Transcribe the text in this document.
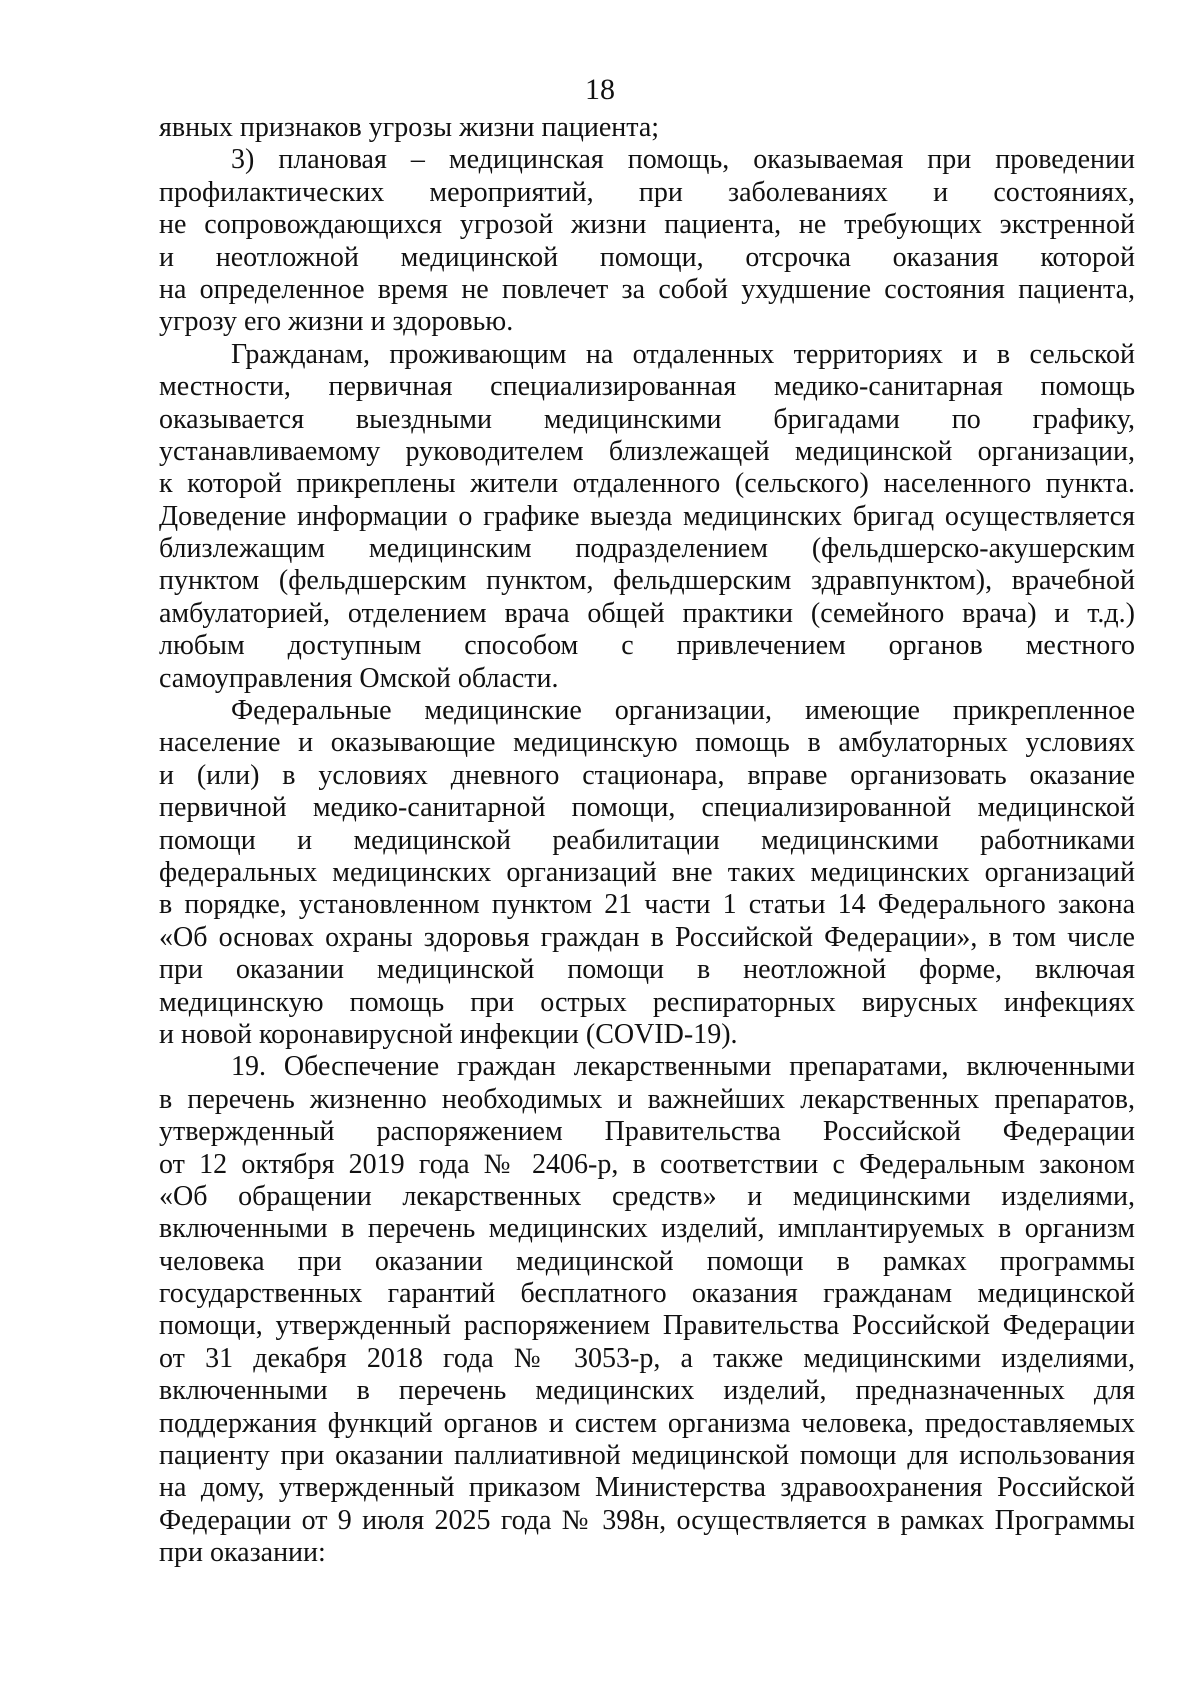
18
явных признаков угрозы жизни пациента;
3) плановая – медицинская помощь, оказываемая при проведении
профилактических мероприятий, при заболеваниях и состояниях,
не сопровождающихся угрозой жизни пациента, не требующих экстренной
и неотложной медицинской помощи, отсрочка оказания которой
на определенное время не повлечет за собой ухудшение состояния пациента,
угрозу его жизни и здоровью.
Гражданам, проживающим на отдаленных территориях и в сельской
местности, первичная специализированная медико-санитарная помощь
оказывается выездными медицинскими бригадами по графику,
устанавливаемому руководителем близлежащей медицинской организации,
к которой прикреплены жители отдаленного (сельского) населенного пункта.
Доведение информации о графике выезда медицинских бригад осуществляется
близлежащим медицинским подразделением (фельдшерско-акушерским
пунктом (фельдшерским пунктом, фельдшерским здравпунктом), врачебной
амбулаторией, отделением врача общей практики (семейного врача) и т.д.)
любым доступным способом с привлечением органов местного
самоуправления Омской области.
Федеральные медицинские организации, имеющие прикрепленное
население и оказывающие медицинскую помощь в амбулаторных условиях
и (или) в условиях дневного стационара, вправе организовать оказание
первичной медико-санитарной помощи, специализированной медицинской
помощи и медицинской реабилитации медицинскими работниками
федеральных медицинских организаций вне таких медицинских организаций
в порядке, установленном пунктом 21 части 1 статьи 14 Федерального закона
«Об основах охраны здоровья граждан в Российской Федерации», в том числе
при оказании медицинской помощи в неотложной форме, включая
медицинскую помощь при острых респираторных вирусных инфекциях
и новой коронавирусной инфекции (COVID-19).
19. Обеспечение граждан лекарственными препаратами, включенными
в перечень жизненно необходимых и важнейших лекарственных препаратов,
утвержденный распоряжением Правительства Российской Федерации
от 12 октября 2019 года № 2406-р, в соответствии с Федеральным законом
«Об обращении лекарственных средств» и медицинскими изделиями,
включенными в перечень медицинских изделий, имплантируемых в организм
человека при оказании медицинской помощи в рамках программы
государственных гарантий бесплатного оказания гражданам медицинской
помощи, утвержденный распоряжением Правительства Российской Федерации
от 31 декабря 2018 года № 3053-р, а также медицинскими изделиями,
включенными в перечень медицинских изделий, предназначенных для
поддержания функций органов и систем организма человека, предоставляемых
пациенту при оказании паллиативной медицинской помощи для использования
на дому, утвержденный приказом Министерства здравоохранения Российской
Федерации от 9 июля 2025 года № 398н, осуществляется в рамках Программы
при оказании:
